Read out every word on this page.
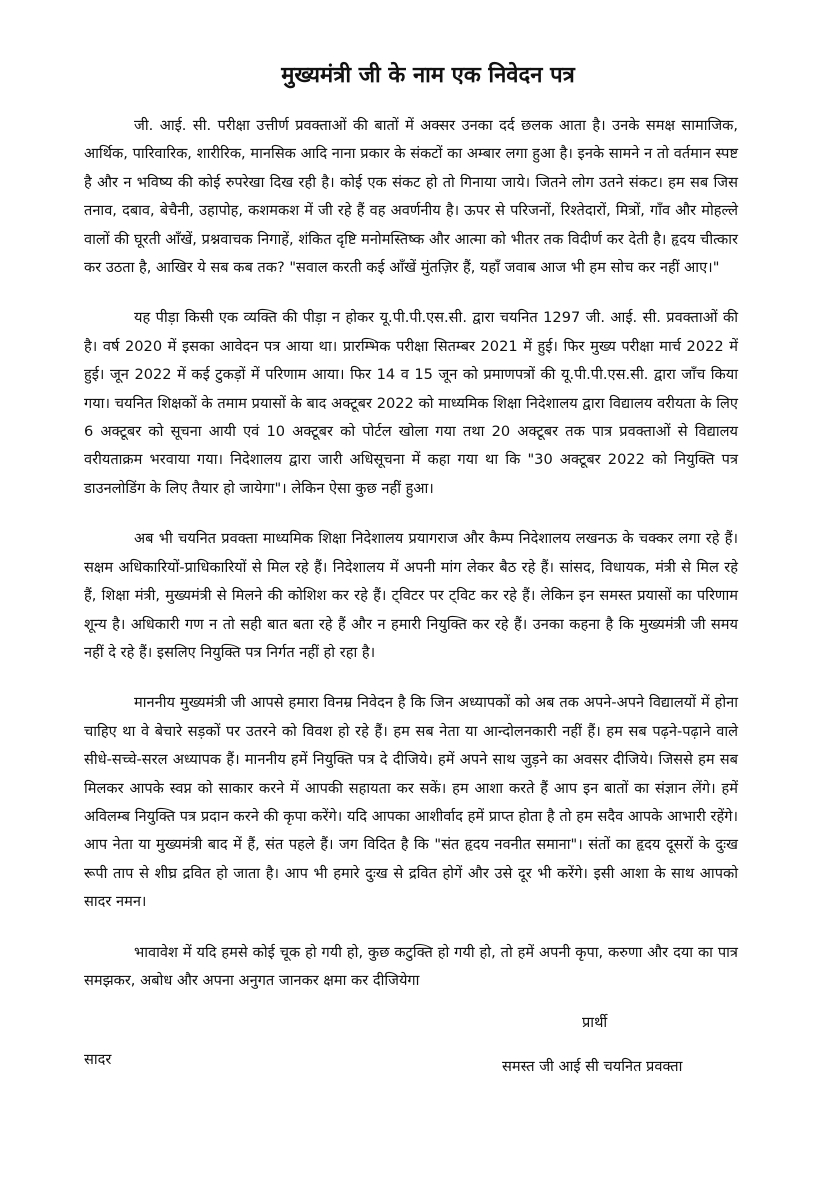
मुख्यमंत्री जी के नाम एक निवेदन पत्र

जी. आई. सी. परीक्षा उत्तीर्ण प्रवक्ताओं की बातों में अक्सर उनका दर्द छलक आता है। उनके समक्ष सामाजिक, आर्थिक, पारिवारिक, शारीरिक, मानसिक आदि नाना प्रकार के संकटों का अम्बार लगा हुआ है। इनके सामने न तो वर्तमान स्पष्ट है और न भविष्य की कोई रुपरेखा दिख रही है। कोई एक संकट हो तो गिनाया जाये। जितने लोग उतने संकट। हम सब जिस तनाव, दबाव, बेचैनी, उहापोह, कशमकश में जी रहे हैं वह अवर्णनीय है। ऊपर से परिजनों, रिश्तेदारों, मित्रों, गाँव और मोहल्ले वालों की घूरती आँखें, प्रश्नवाचक निगाहें, शंकित दृष्टि मनोमस्तिष्क और आत्मा को भीतर तक विदीर्ण कर देती है। हृदय चीत्कार कर उठता है, आखिर ये सब कब तक? "सवाल करती कई आँखें मुंतज़िर हैं, यहाँ जवाब आज भी हम सोच कर नहीं आए।"

यह पीड़ा किसी एक व्यक्ति की पीड़ा न होकर यू.पी.पी.एस.सी. द्वारा चयनित 1297 जी. आई. सी. प्रवक्ताओं की है। वर्ष 2020 में इसका आवेदन पत्र आया था। प्रारम्भिक परीक्षा सितम्बर 2021 में हुई। फिर मुख्य परीक्षा मार्च 2022 में हुई। जून 2022 में कई टुकड़ों में परिणाम आया। फिर 14 व 15 जून को प्रमाणपत्रों की यू.पी.पी.एस.सी. द्वारा जाँच किया गया। चयनित शिक्षकों के तमाम प्रयासों के बाद अक्टूबर 2022 को माध्यमिक शिक्षा निदेशालय द्वारा विद्यालय वरीयता के लिए 6 अक्टूबर को सूचना आयी एवं 10 अक्टूबर को पोर्टल खोला गया तथा 20 अक्टूबर तक पात्र प्रवक्ताओं से विद्यालय वरीयताक्रम भरवाया गया। निदेशालय द्वारा जारी अधिसूचना में कहा गया था कि "30 अक्टूबर 2022 को नियुक्ति पत्र डाउनलोडिंग के लिए तैयार हो जायेगा"। लेकिन ऐसा कुछ नहीं हुआ।

अब भी चयनित प्रवक्ता माध्यमिक शिक्षा निदेशालय प्रयागराज और कैम्प निदेशालय लखनऊ के चक्कर लगा रहे हैं। सक्षम अधिकारियों-प्राधिकारियों से मिल रहे हैं। निदेशालय में अपनी मांग लेकर बैठ रहे हैं। सांसद, विधायक, मंत्री से मिल रहे हैं, शिक्षा मंत्री, मुख्यमंत्री से मिलने की कोशिश कर रहे हैं। ट्विटर पर ट्विट कर रहे हैं। लेकिन इन समस्त प्रयासों का परिणाम शून्य है। अधिकारी गण न तो सही बात बता रहे हैं और न हमारी नियुक्ति कर रहे हैं। उनका कहना है कि मुख्यमंत्री जी समय नहीं दे रहे हैं। इसलिए नियुक्ति पत्र निर्गत नहीं हो रहा है।

माननीय मुख्यमंत्री जी आपसे हमारा विनम्र निवेदन है कि जिन अध्यापकों को अब तक अपने-अपने विद्यालयों में होना चाहिए था वे बेचारे सड़कों पर उतरने को विवश हो रहे हैं। हम सब नेता या आन्दोलनकारी नहीं हैं। हम सब पढ़ने-पढ़ाने वाले सीधे-सच्चे-सरल अध्यापक हैं। माननीय हमें नियुक्ति पत्र दे दीजिये। हमें अपने साथ जुड़ने का अवसर दीजिये। जिससे हम सब मिलकर आपके स्वप्न को साकार करने में आपकी सहायता कर सकें। हम आशा करते हैं आप इन बातों का संज्ञान लेंगे। हमें अविलम्ब नियुक्ति पत्र प्रदान करने की कृपा करेंगे। यदि आपका आशीर्वाद हमें प्राप्त होता है तो हम सदैव आपके आभारी रहेंगे। आप नेता या मुख्यमंत्री बाद में हैं, संत पहले हैं। जग विदित है कि "संत हृदय नवनीत समाना"। संतों का हृदय दूसरों के दुःख रूपी ताप से शीघ्र द्रवित हो जाता है। आप भी हमारे दुःख से द्रवित होगें और उसे दूर भी करेंगे। इसी आशा के साथ आपको सादर नमन।

भावावेश में यदि हमसे कोई चूक हो गयी हो, कुछ कटुक्ति हो गयी हो, तो हमें अपनी कृपा, करुणा और दया का पात्र समझकर, अबोध और अपना अनुगत जानकर क्षमा कर दीजियेगा

सादर

प्रार्थी
समस्त जी आई सी चयनित प्रवक्ता
